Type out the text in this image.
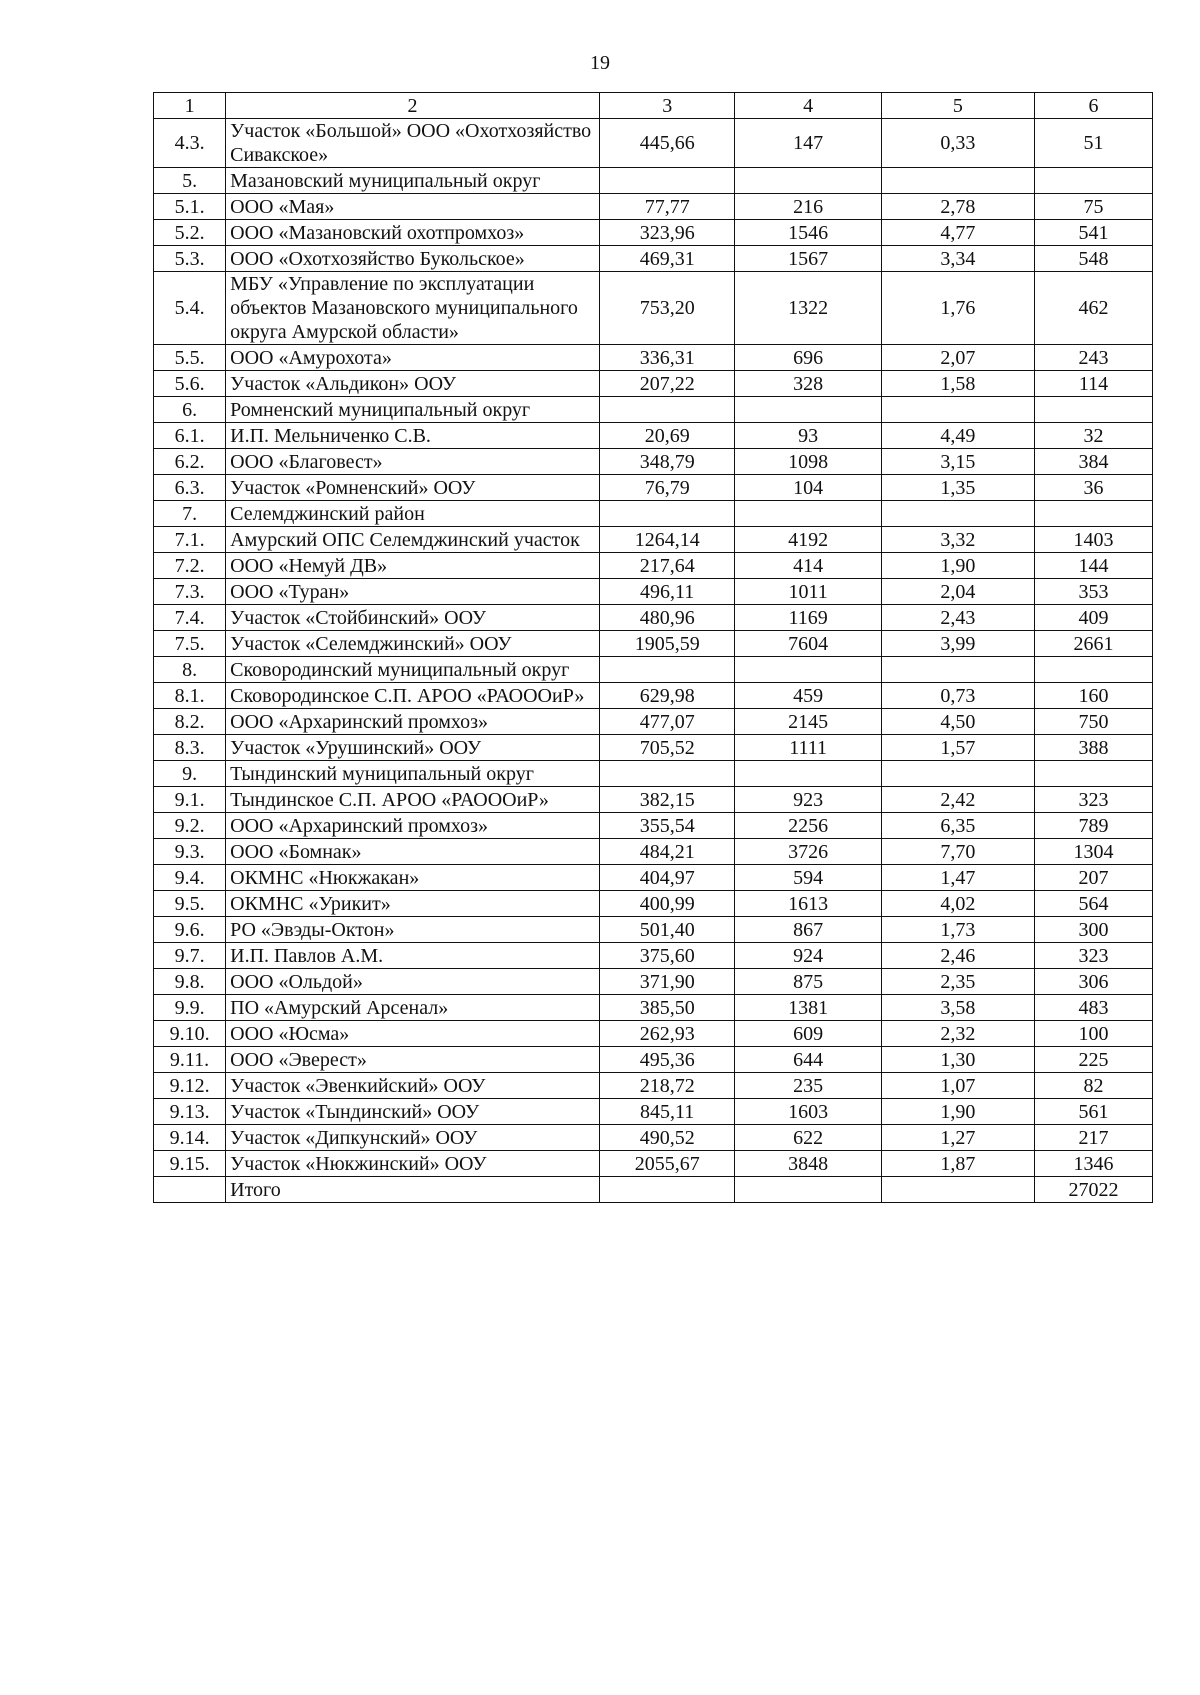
19
1	2	3	4	5	6
4.3.	Участок «Большой» ООО «Охотхозяйство Сивакское»	445,66	147	0,33	51
5.	Мазановский муниципальный округ				
5.1.	ООО «Мая»	77,77	216	2,78	75
5.2.	ООО «Мазановский охотпромхоз»	323,96	1546	4,77	541
5.3.	ООО «Охотхозяйство Букольское»	469,31	1567	3,34	548
5.4.	МБУ «Управление по эксплуатации объектов Мазановского муниципального округа Амурской области»	753,20	1322	1,76	462
5.5.	ООО «Амурохота»	336,31	696	2,07	243
5.6.	Участок «Альдикон» ООУ	207,22	328	1,58	114
6.	Ромненский муниципальный округ				
6.1.	И.П. Мельниченко С.В.	20,69	93	4,49	32
6.2.	ООО «Благовест»	348,79	1098	3,15	384
6.3.	Участок «Ромненский» ООУ	76,79	104	1,35	36
7.	Селемджинский район				
7.1.	Амурский ОПС Селемджинский участок	1264,14	4192	3,32	1403
7.2.	ООО «Немуй ДВ»	217,64	414	1,90	144
7.3.	ООО «Туран»	496,11	1011	2,04	353
7.4.	Участок «Стойбинский» ООУ	480,96	1169	2,43	409
7.5.	Участок «Селемджинский» ООУ	1905,59	7604	3,99	2661
8.	Сковородинский муниципальный округ				
8.1.	Сковородинское С.П. АРОО «РАОООиР»	629,98	459	0,73	160
8.2.	ООО «Архаринский промхоз»	477,07	2145	4,50	750
8.3.	Участок «Урушинский» ООУ	705,52	1111	1,57	388
9.	Тындинский муниципальный округ				
9.1.	Тындинское С.П. АРОО «РАОООиР»	382,15	923	2,42	323
9.2.	ООО «Архаринский промхоз»	355,54	2256	6,35	789
9.3.	ООО «Бомнак»	484,21	3726	7,70	1304
9.4.	ОКМНС «Нюкжакан»	404,97	594	1,47	207
9.5.	ОКМНС «Урикит»	400,99	1613	4,02	564
9.6.	РО «Эвэды-Октон»	501,40	867	1,73	300
9.7.	И.П. Павлов А.М.	375,60	924	2,46	323
9.8.	ООО «Ольдой»	371,90	875	2,35	306
9.9.	ПО «Амурский Арсенал»	385,50	1381	3,58	483
9.10.	ООО «Юсма»	262,93	609	2,32	100
9.11.	ООО «Эверест»	495,36	644	1,30	225
9.12.	Участок «Эвенкийский» ООУ	218,72	235	1,07	82
9.13.	Участок «Тындинский» ООУ	845,11	1603	1,90	561
9.14.	Участок «Дипкунский» ООУ	490,52	622	1,27	217
9.15.	Участок «Нюкжинский» ООУ	2055,67	3848	1,87	1346
	Итого				27022
